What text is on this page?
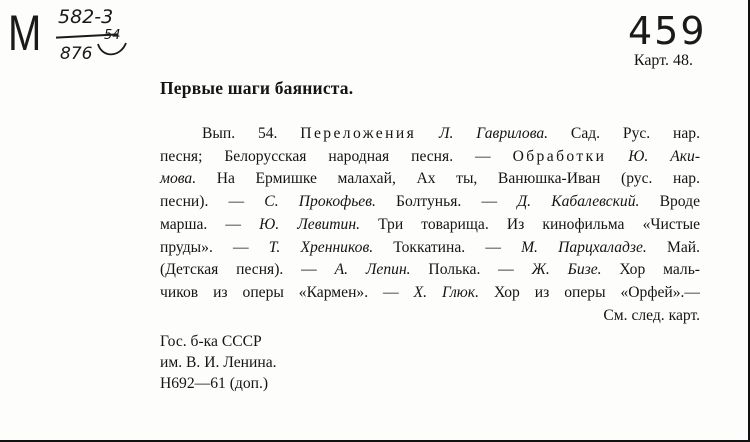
М 582-3
876
54	459
Карт. 48.
Первые шаги баяниста.
Вып. 54. Переложения Л. Гаврилова. Сад. Рус. нар.
песня; Белорусская народная песня. — Обработки Ю. Аки-
мова. На Ермишке малахай, Ах ты, Ванюшка-Иван (рус. нар.
песни). — С. Прокофьев. Болтунья. — Д. Кабалевский. Вроде
марша. — Ю. Левитин. Три товарища. Из кинофильма «Чистые
пруды». — Т. Хренников. Токкатина. — М. Парцхаладзе. Май.
(Детская песня). — А. Лепин. Полька. — Ж. Бизе. Хор маль-
чиков из оперы «Кармен». — Х. Глюк. Хор из оперы «Орфей».—
См. след. карт.
Гос. б-ка СССР
им. В. И. Ленина.
Н692—61 (доп.)
